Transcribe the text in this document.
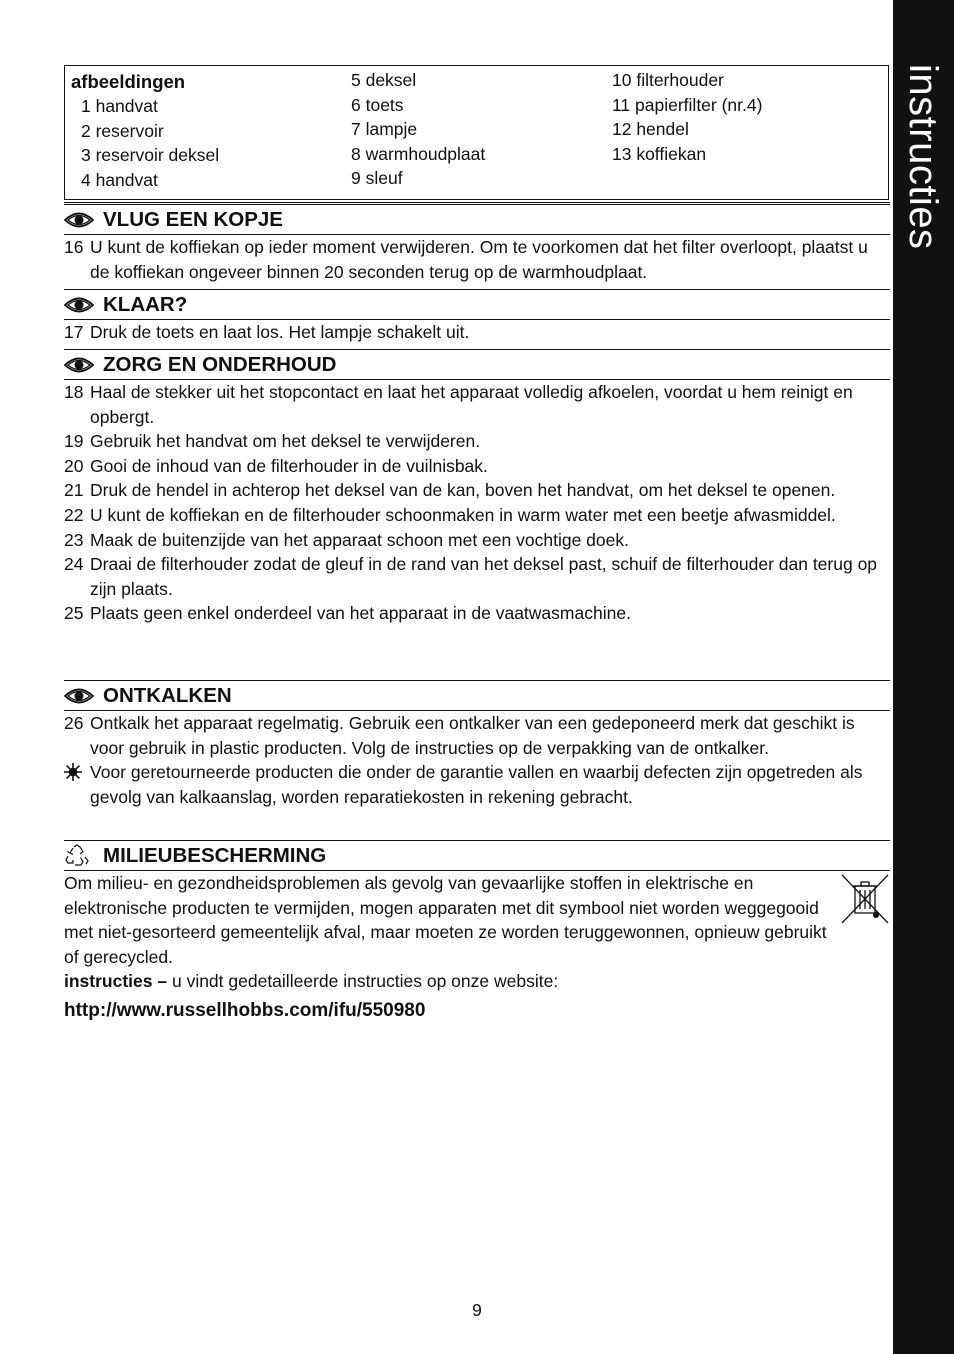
instructies
afbeeldingen
1 handvat
2 reservoir
3 reservoir deksel
4 handvat
5 deksel
6 toets
7 lampje
8 warmhoudplaat
9 sleuf
10 filterhouder
11 papierfilter (nr.4)
12 hendel
13 koffiekan
VLUG EEN KOPJE
16 U kunt de koffiekan op ieder moment verwijderen. Om te voorkomen dat het filter overloopt, plaatst u de koffiekan ongeveer binnen 20 seconden terug op de warmhoudplaat.
KLAAR?
17 Druk de toets en laat los. Het lampje schakelt uit.
ZORG EN ONDERHOUD
18 Haal de stekker uit het stopcontact en laat het apparaat volledig afkoelen, voordat u hem reinigt en opbergt.
19 Gebruik het handvat om het deksel te verwijderen.
20 Gooi de inhoud van de filterhouder in de vuilnisbak.
21 Druk de hendel in achterop het deksel van de kan, boven het handvat, om het deksel te openen.
22 U kunt de koffiekan en de filterhouder schoonmaken in warm water met een beetje afwasmiddel.
23 Maak de buitenzijde van het apparaat schoon met een vochtige doek.
24 Draai de filterhouder zodat de gleuf in de rand van het deksel past, schuif de filterhouder dan terug op zijn plaats.
25 Plaats geen enkel onderdeel van het apparaat in de vaatwasmachine.
ONTKALKEN
26 Ontkalk het apparaat regelmatig. Gebruik een ontkalker van een gedeponeerd merk dat geschikt is voor gebruik in plastic producten. Volg de instructies op de verpakking van de ontkalker.
Voor geretourneerde producten die onder de garantie vallen en waarbij defecten zijn opgetreden als gevolg van kalkaanslag, worden reparatiekosten in rekening gebracht.
MILIEUBESCHERMING
Om milieu- en gezondheidsproblemen als gevolg van gevaarlijke stoffen in elektrische en elektronische producten te vermijden, mogen apparaten met dit symbool niet worden weggegooid met niet-gesorteerd gemeentelijk afval, maar moeten ze worden teruggewonnen, opnieuw gebruikt of gerecycled.
instructies – u vindt gedetailleerde instructies op onze website:
http://www.russellhobbs.com/ifu/550980
9
